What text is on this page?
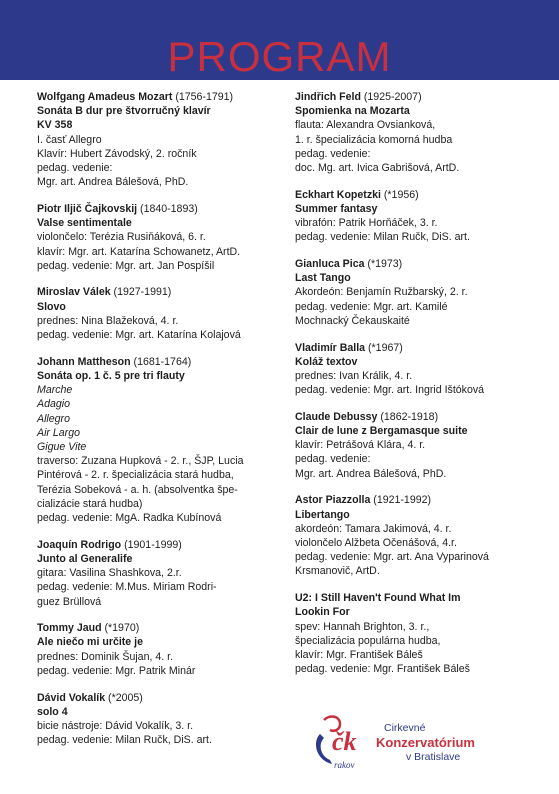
PROGRAM
Wolfgang Amadeus Mozart (1756-1791)
Sonáta B dur pre štvorručný klavír
KV 358
I. časť Allegro
Klavír: Hubert Závodský, 2. ročník
pedag. vedenie:
Mgr. art. Andrea Bálešová, PhD.
Piotr Iljič Čajkovskij (1840-1893)
Valse sentimentale
violončelo: Terézia Rusiňáková, 6. r.
klavír: Mgr. art. Katarína Schowanetz, ArtD.
pedag. vedenie: Mgr. art. Jan Pospíšil
Miroslav Válek (1927-1991)
Slovo
prednes: Nina Blažeková, 4. r.
pedag. vedenie: Mgr. art. Katarína Kolajová
Johann Mattheson (1681-1764)
Sonáta op. 1 č. 5 pre tri flauty
Marche
Adagio
Allegro
Air Largo
Gigue Vite
traverso: Zuzana Hupková - 2. r., ŠJP, Lucia
Pintérová - 2. r. špecializácia stará hudba,
Terézia Sobeková - a. h. (absolventka špe-
cializácie stará hudba)
pedag. vedenie: MgA. Radka Kubínová
Joaquín Rodrigo (1901-1999)
Junto al Generalife
gitara: Vasilina Shashkova, 2.r.
pedag. vedenie: M.Mus. Miriam Rodri-
guez Brüllová
Tommy Jaud (*1970)
Ale niečo mi určite je
prednes: Dominik Šujan, 4. r.
pedag. vedenie: Mgr. Patrik Minár
Dávid Vokalík (*2005)
solo 4
bicie nástroje: Dávid Vokalík, 3. r.
pedag. vedenie: Milan Ručk, DiS. art.
Jindřich Feld (1925-2007)
Spomienka na Mozarta
flauta: Alexandra Ovsianková,
1. r. špecializácia komorná hudba
pedag. vedenie:
doc. Mg. art. Ivica Gabrišová, ArtD.
Eckhart Kopetzki (*1956)
Summer fantasy
vibrafón: Patrik Horňáček, 3. r.
pedag. vedenie: Milan Ručk, DiS. art.
Gianluca Pica (*1973)
Last Tango
Akordeón: Benjamín Ružbarský, 2. r.
pedag. vedenie: Mgr. art. Kamilé
Mochnacký Čekauskaité
Vladimír Balla (*1967)
Koláž textov
prednes: Ivan Králik, 4. r.
pedag. vedenie: Mgr. art. Ingrid Ištóková
Claude Debussy (1862-1918)
Clair de lune z Bergamasque suite
klavír: Petrášová Klára, 4. r.
pedag. vedenie:
Mgr. art. Andrea Bálešová, PhD.
Astor Piazzolla (1921-1992)
Libertango
akordeón: Tamara Jakimová, 4. r.
violončelo Alžbeta Očenášová, 4.r.
pedag. vedenie: Mgr. art. Ana Vyparinová
Krsmanovič, ArtD.
U2: I Still Haven't Found What Im
Lookin For
spev: Hannah Brighton, 3. r.,
špecializácia populárna hudba,
klavír: Mgr. František Báleš
pedag. vedenie: Mgr. František Báleš
čk
rakov
Cirkevné
Konzervatórium
v Bratislave
